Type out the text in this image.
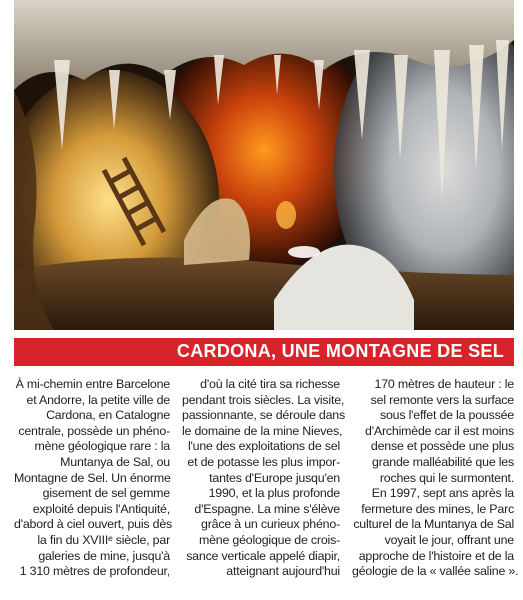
CARDONA, UNE MONTAGNE DE SEL
À mi-chemin entre Barcelone
et Andorre, la petite ville de
Cardona, en Catalogne
centrale, possède un phéno-
mène géologique rare : la
Muntanya de Sal, ou
Montagne de Sel. Un énorme
gisement de sel gemme
exploité depuis l'Antiquité,
d'abord à ciel ouvert, puis dès
la fin du XVIIIᵉ siècle, par
galeries de mine, jusqu'à
1 310 mètres de profondeur,
d'où la cité tira sa richesse
pendant trois siècles. La visite,
passionnante, se déroule dans
le domaine de la mine Nieves,
l'une des exploitations de sel
et de potasse les plus impor-
tantes d'Europe jusqu'en
1990, et la plus profonde
d'Espagne. La mine s'élève
grâce à un curieux phéno-
mène géologique de crois-
sance verticale appelé diapir,
atteignant aujourd'hui
170 mètres de hauteur : le
sel remonte vers la surface
sous l'effet de la poussée
d'Archimède car il est moins
dense et possède une plus
grande malléabilité que les
roches qui le surmontent.
En 1997, sept ans après la
fermeture des mines, le Parc
culturel de la Muntanya de Sal
voyait le jour, offrant une
approche de l'histoire et de la
géologie de la « vallée saline ».
